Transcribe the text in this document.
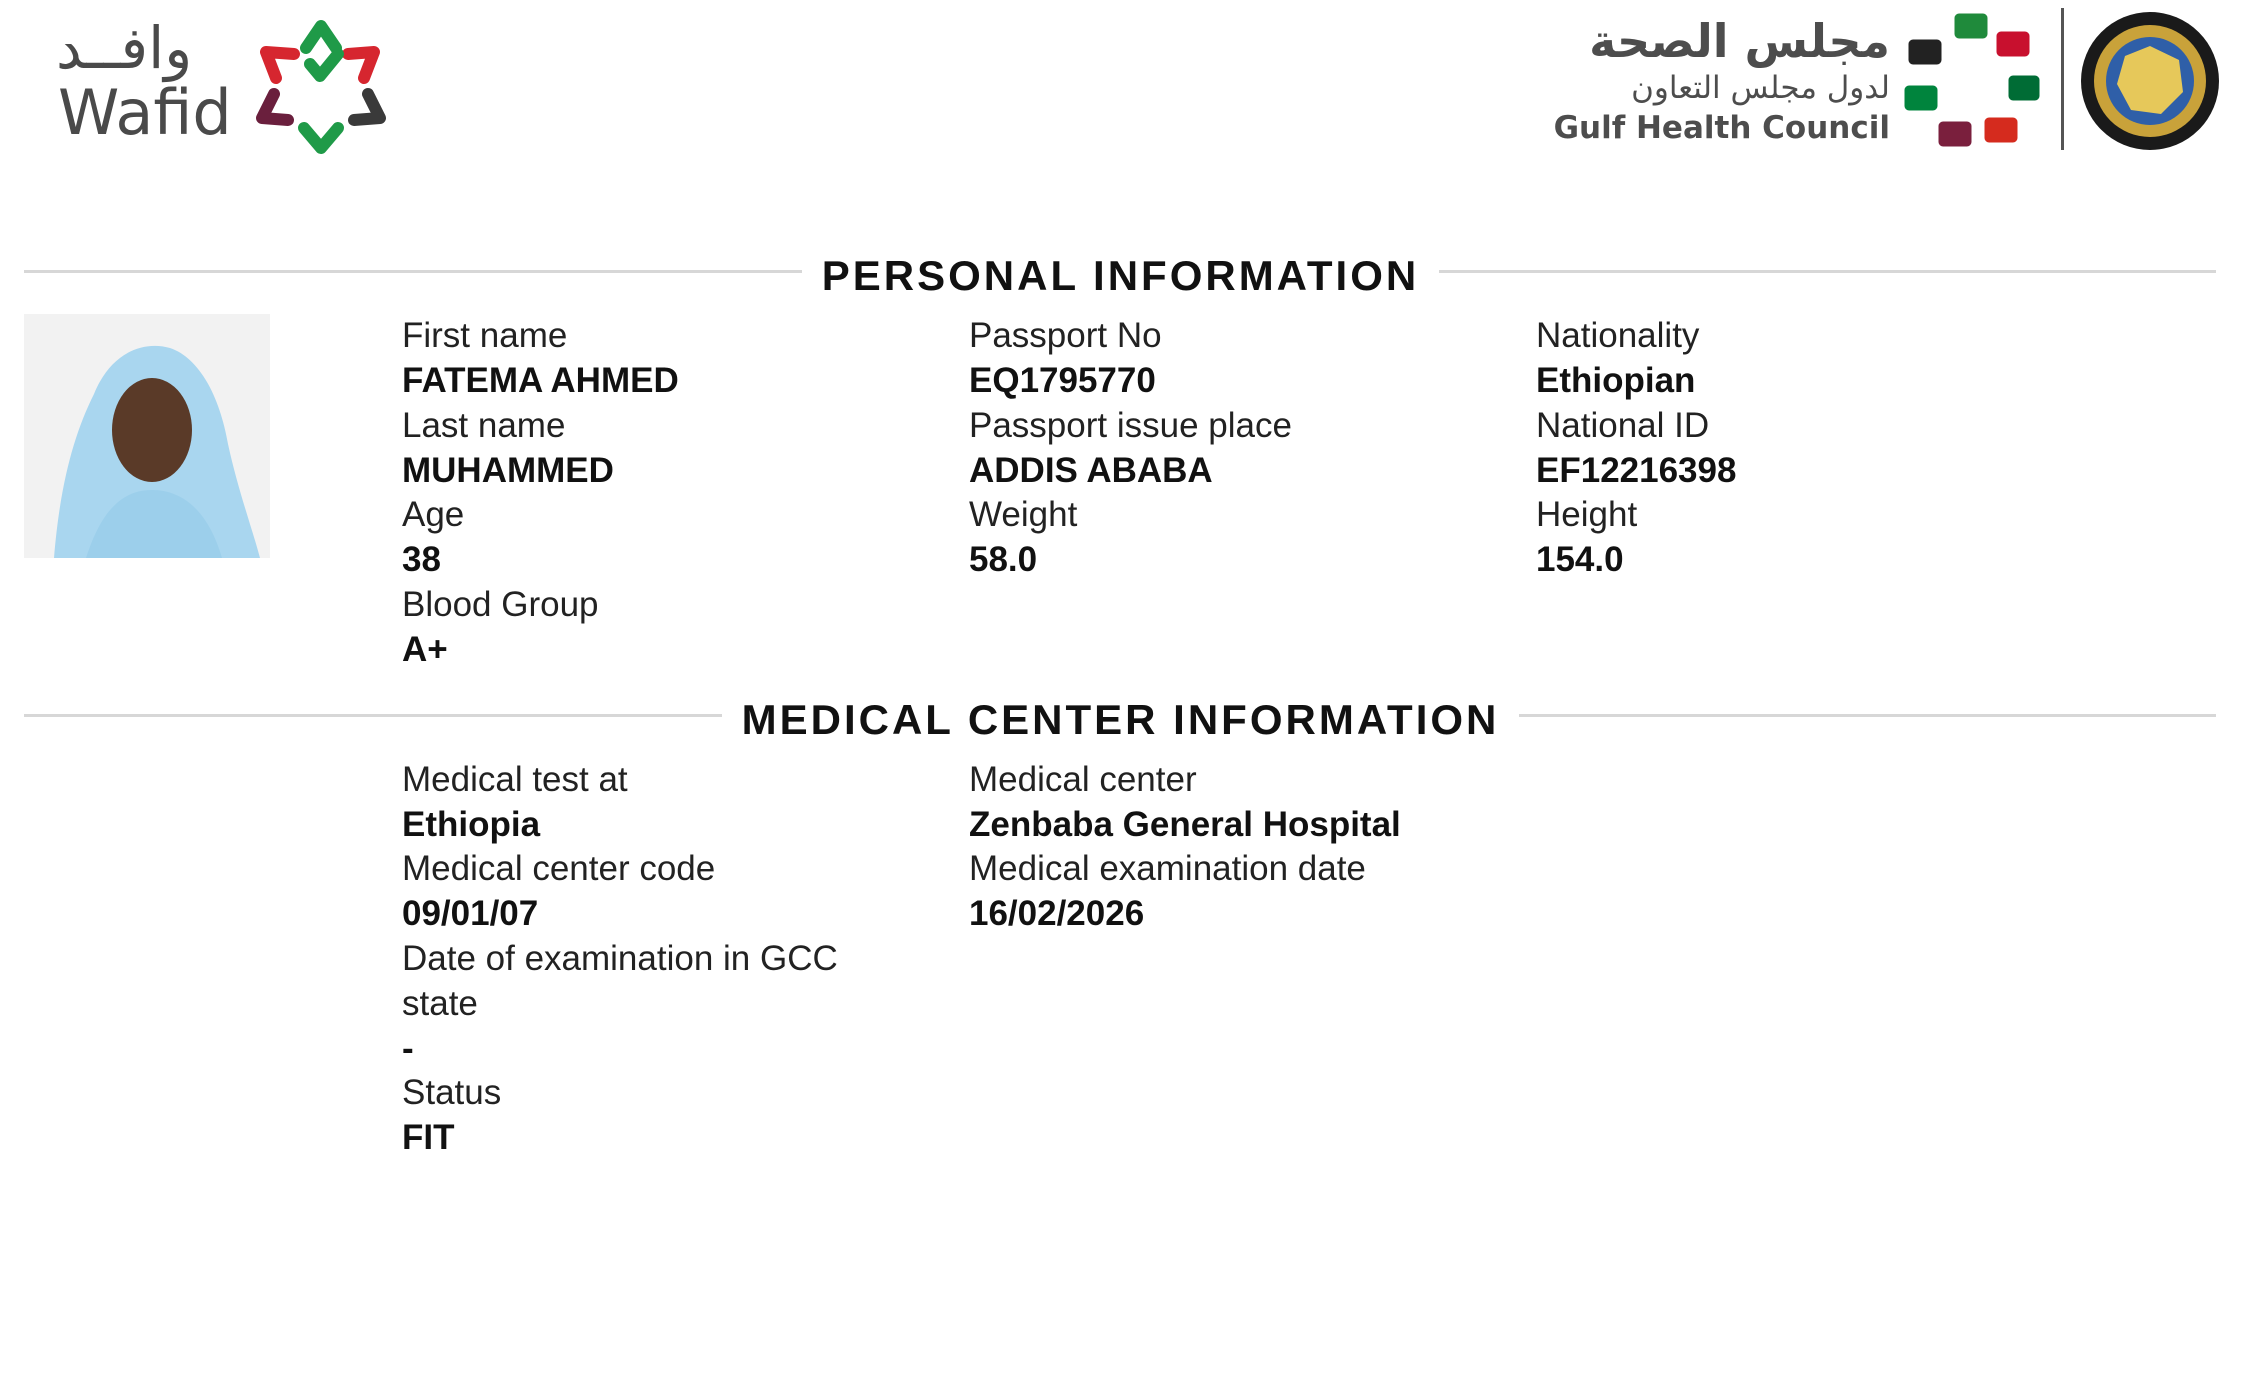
وافــد
Wafid
مجلس الصحة
لدول مجلس التعاون
Gulf Health Council
PERSONAL INFORMATION
First name
FATEMA AHMED
Last name
MUHAMMED
Age
38
Blood Group
A+
Passport No
EQ1795770
Passport issue place
ADDIS ABABA
Weight
58.0
Nationality
Ethiopian
National ID
EF12216398
Height
154.0
MEDICAL CENTER INFORMATION
Medical test at
Ethiopia
Medical center code
09/01/07
Date of examination in GCC state
-
Status
FIT
Medical center
Zenbaba General Hospital
Medical examination date
16/02/2026
